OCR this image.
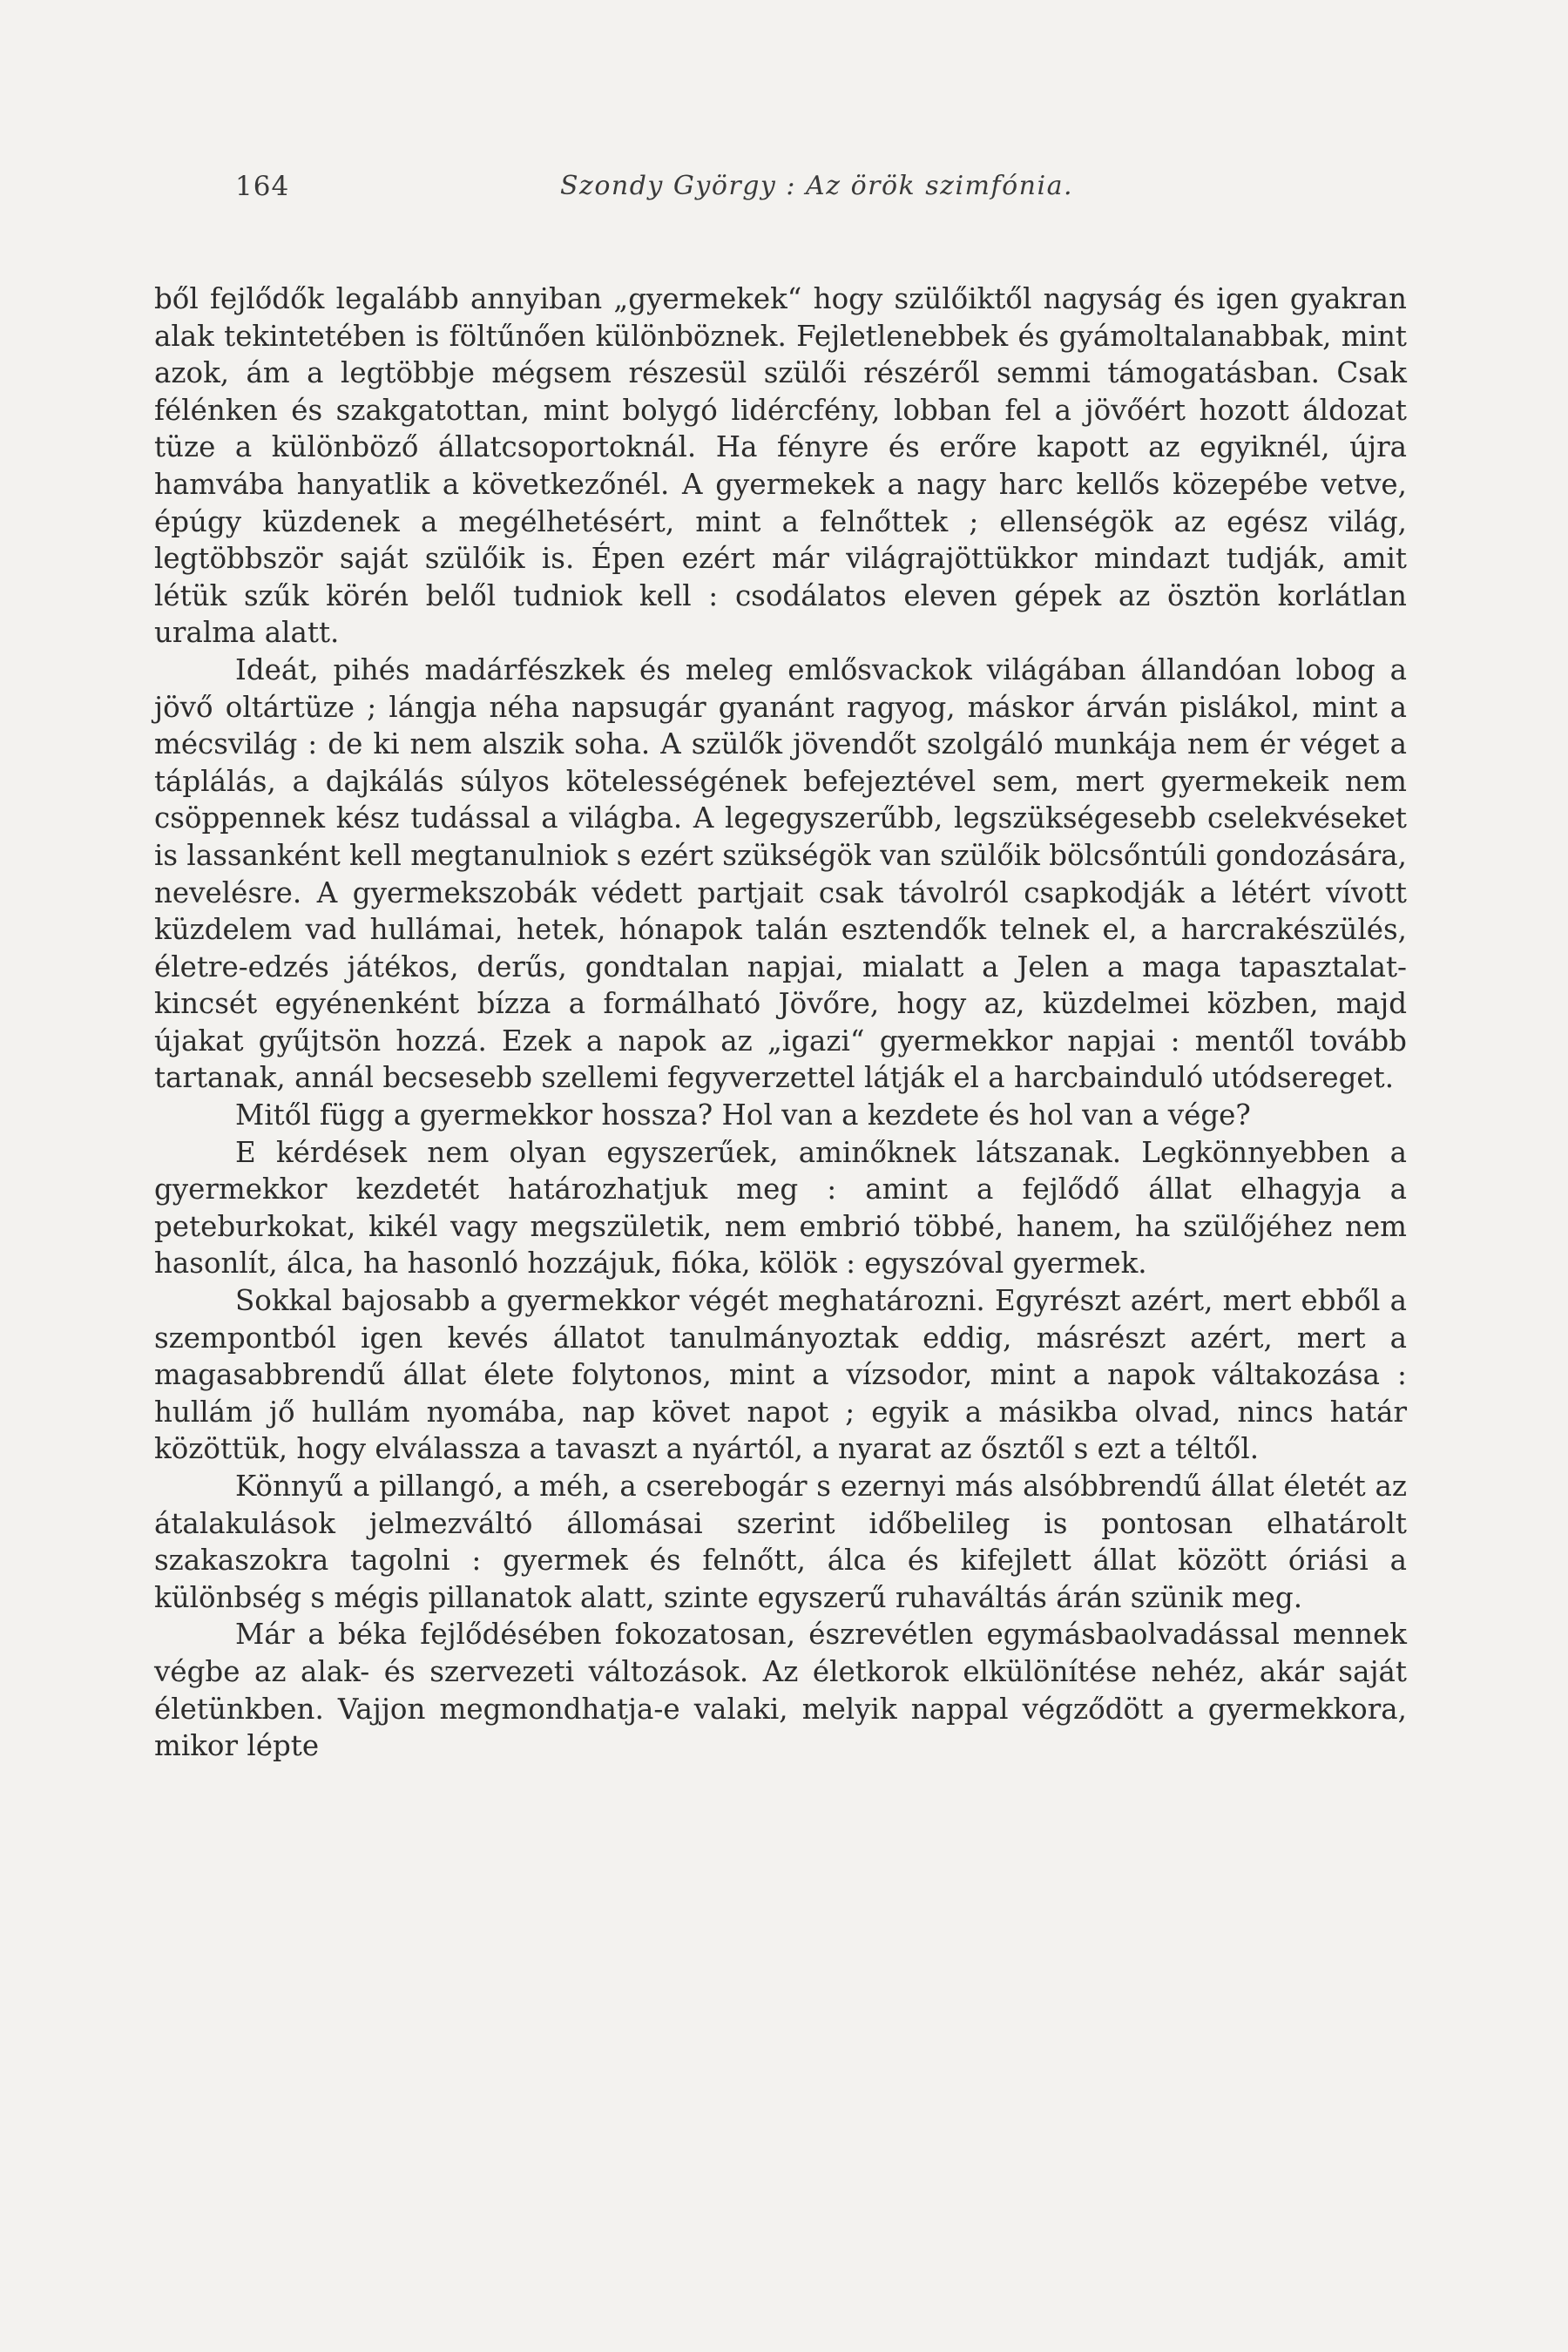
164	Szondy György : Az örök szimfónia.

ből fejlődők legalább annyiban „gyermekek“ hogy szülőiktől nagyság és igen gyakran alak tekintetében is föltűnően különböznek. Fejletlenebbek és gyámoltalanabbak, mint azok, ám a legtöbbje mégsem részesül szülői részéről semmi támogatásban. Csak félénken és szakgatottan, mint bolygó lidércfény, lobban fel a jövőért hozott áldozat tüze a különböző állatcsoportoknál. Ha fényre és erőre kapott az egyiknél, újra hamvába hanyatlik a következőnél. A gyermekek a nagy harc kellős közepébe vetve, épúgy küzdenek a megélhetésért, mint a felnőttek ; ellenségök az egész világ, legtöbbször saját szülőik is. Épen ezért már világrajöttükkor mindazt tudják, amit létük szűk körén belől tudniok kell : csodálatos eleven gépek az ösztön korlátlan uralma alatt.

Ideát, pihés madárfészkek és meleg emlősvackok világában állandóan lobog a jövő oltártüze ; lángja néha napsugár gyanánt ragyog, máskor árván pislákol, mint a mécsvilág : de ki nem alszik soha. A szülők jövendőt szolgáló munkája nem ér véget a táplálás, a dajkálás súlyos kötelességének befejeztével sem, mert gyermekeik nem csöppennek kész tudással a világba. A legegyszerűbb, legszükségesebb cselekvéseket is lassanként kell megtanulniok s ezért szükségök van szülőik bölcsőntúli gondozására, nevelésre. A gyermekszobák védett partjait csak távolról csapkodják a létért vívott küzdelem vad hullámai, hetek, hónapok talán esztendők telnek el, a harcrakészülés, életre-edzés játékos, derűs, gondtalan napjai, mialatt a Jelen a maga tapasztalat-kincsét egyénenként bízza a formálható Jövőre, hogy az, küzdelmei közben, majd újakat gyűjtsön hozzá. Ezek a napok az „igazi“ gyermekkor napjai : mentől tovább tartanak, annál becsesebb szellemi fegyverzettel látják el a harcbainduló utódsereget.

Mitől függ a gyermekkor hossza? Hol van a kezdete és hol van a vége?

E kérdések nem olyan egyszerűek, aminőknek látszanak. Legkönnyebben a gyermekkor kezdetét határozhatjuk meg : amint a fejlődő állat elhagyja a peteburkokat, kikél vagy megszületik, nem embrió többé, hanem, ha szülőjéhez nem hasonlít, álca, ha hasonló hozzájuk, fióka, kölök : egyszóval gyermek.

Sokkal bajosabb a gyermekkor végét meghatározni. Egyrészt azért, mert ebből a szempontból igen kevés állatot tanulmányoztak eddig, másrészt azért, mert a magasabbrendű állat élete folytonos, mint a vízsodor, mint a napok váltakozása : hullám jő hullám nyomába, nap követ napot ; egyik a másikba olvad, nincs határ közöttük, hogy elválassza a tavaszt a nyártól, a nyarat az ősztől s ezt a téltől.

Könnyű a pillangó, a méh, a cserebogár s ezernyi más alsóbbrendű állat életét az átalakulások jelmezváltó állomásai szerint időbelileg is pontosan elhatárolt szakaszokra tagolni : gyermek és felnőtt, álca és kifejlett állat között óriási a különbség s mégis pillanatok alatt, szinte egyszerű ruhaváltás árán szünik meg.

Már a béka fejlődésében fokozatosan, észrevétlen egymásbaolvadással mennek végbe az alak- és szervezeti változások. Az életkorok elkülönítése nehéz, akár saját életünkben. Vajjon megmondhatja-e valaki, melyik nappal végződött a gyermekkora, mikor lépte
